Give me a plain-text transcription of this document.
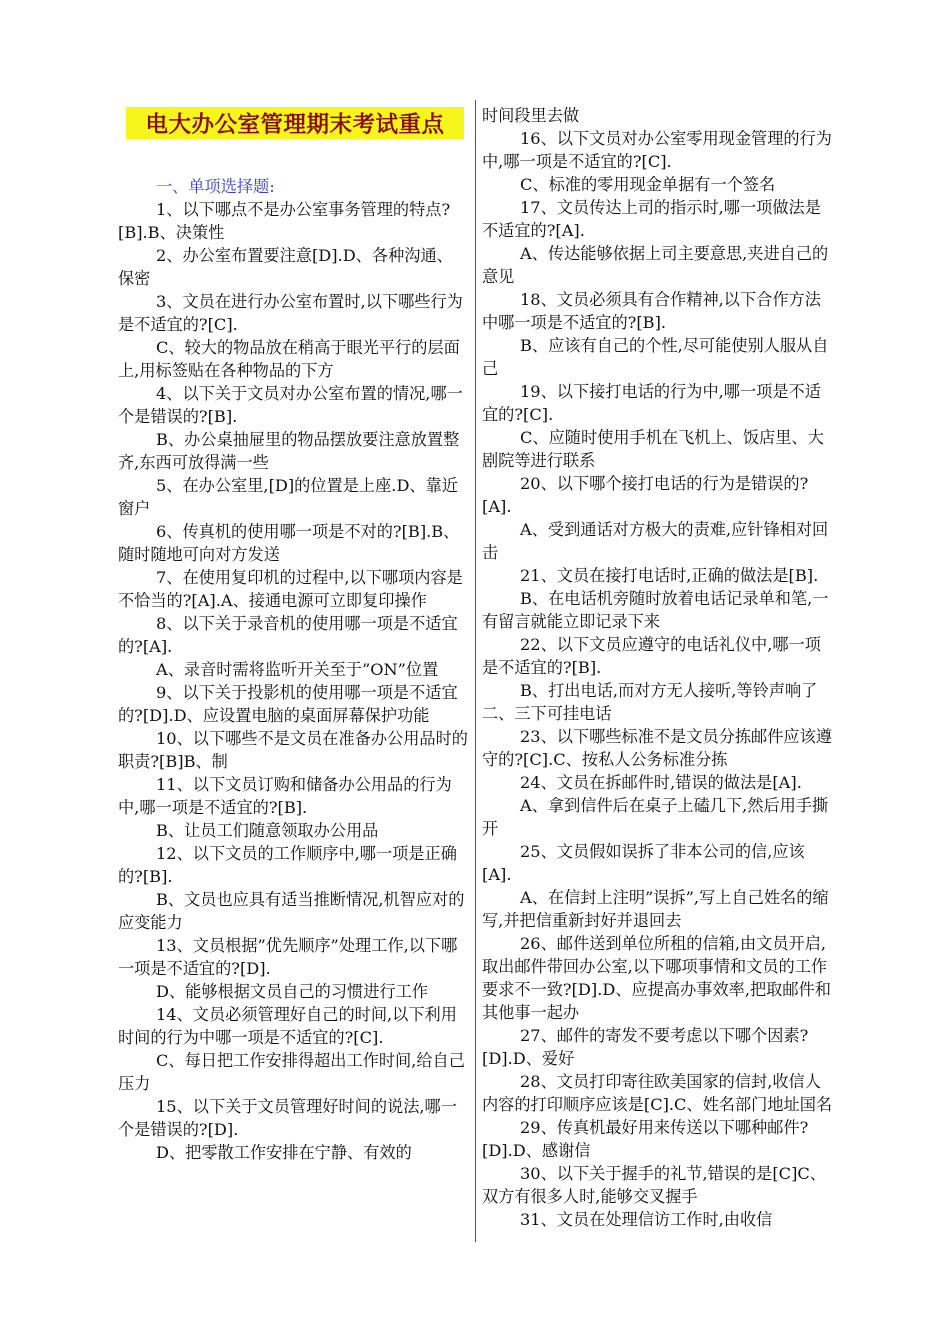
电大办公室管理期末考试重点

一、单项选择题:

1、以下哪点不是办公室事务管理的特点?[B].B、决策性

2、办公室布置要注意[D].D、各种沟通、保密

3、文员在进行办公室布置时,以下哪些行为是不适宜的?[C].

C、较大的物品放在稍高于眼光平行的层面上,用标签贴在各种物品的下方

4、以下关于文员对办公室布置的情况,哪一个是错误的?[B].

B、办公桌抽屉里的物品摆放要注意放置整齐,东西可放得满一些

5、在办公室里,[D]的位置是上座.D、靠近窗户

6、传真机的使用哪一项是不对的?[B].B、随时随地可向对方发送

7、在使用复印机的过程中,以下哪项内容是不恰当的?[A].A、接通电源可立即复印操作

8、以下关于录音机的使用哪一项是不适宜的?[A].

A、录音时需将监听开关至于”ON”位置

9、以下关于投影机的使用哪一项是不适宜的?[D].D、应设置电脑的桌面屏幕保护功能

10、以下哪些不是文员在准备办公用品时的职责?[B]B、制

11、以下文员订购和储备办公用品的行为中,哪一项是不适宜的?[B].

B、让员工们随意领取办公用品

12、以下文员的工作顺序中,哪一项是正确的?[B].

B、文员也应具有适当推断情况,机智应对的应变能力

13、文员根据”优先顺序”处理工作,以下哪一项是不适宜的?[D].

D、能够根据文员自己的习惯进行工作

14、文员必须管理好自己的时间,以下利用时间的行为中哪一项是不适宜的?[C].

C、每日把工作安排得超出工作时间,给自己压力

15、以下关于文员管理好时间的说法,哪一个是错误的?[D].

D、把零散工作安排在宁静、有效的

时间段里去做

16、以下文员对办公室零用现金管理的行为中,哪一项是不适宜的?[C].

C、标准的零用现金单据有一个签名

17、文员传达上司的指示时,哪一项做法是不适宜的?[A].

A、传达能够依据上司主要意思,夹进自己的意见

18、文员必须具有合作精神,以下合作方法中哪一项是不适宜的?[B].

B、应该有自己的个性,尽可能使别人服从自己

19、以下接打电话的行为中,哪一项是不适宜的?[C].

C、应随时使用手机在飞机上、饭店里、大剧院等进行联系

20、以下哪个接打电话的行为是错误的?[A].

A、受到通话对方极大的责难,应针锋相对回击

21、文员在接打电话时,正确的做法是[B].

B、在电话机旁随时放着电话记录单和笔,一有留言就能立即记录下来

22、以下文员应遵守的电话礼仪中,哪一项是不适宜的?[B].

B、打出电话,而对方无人接听,等铃声响了二、三下可挂电话

23、以下哪些标准不是文员分拣邮件应该遵守的?[C].C、按私人公务标准分拣

24、文员在拆邮件时,错误的做法是[A].

A、拿到信件后在桌子上磕几下,然后用手撕开

25、文员假如误拆了非本公司的信,应该[A].

A、在信封上注明”误拆”,写上自己姓名的缩写,并把信重新封好并退回去

26、邮件送到单位所租的信箱,由文员开启,取出邮件带回办公室,以下哪项事情和文员的工作要求不一致?[D].D、应提高办事效率,把取邮件和其他事一起办

27、邮件的寄发不要考虑以下哪个因素?[D].D、爱好

28、文员打印寄往欧美国家的信封,收信人内容的打印顺序应该是[C].C、姓名部门地址国名

29、传真机最好用来传送以下哪种邮件?[D].D、感谢信

30、以下关于握手的礼节,错误的是[C]C、双方有很多人时,能够交叉握手

31、文员在处理信访工作时,由收信
